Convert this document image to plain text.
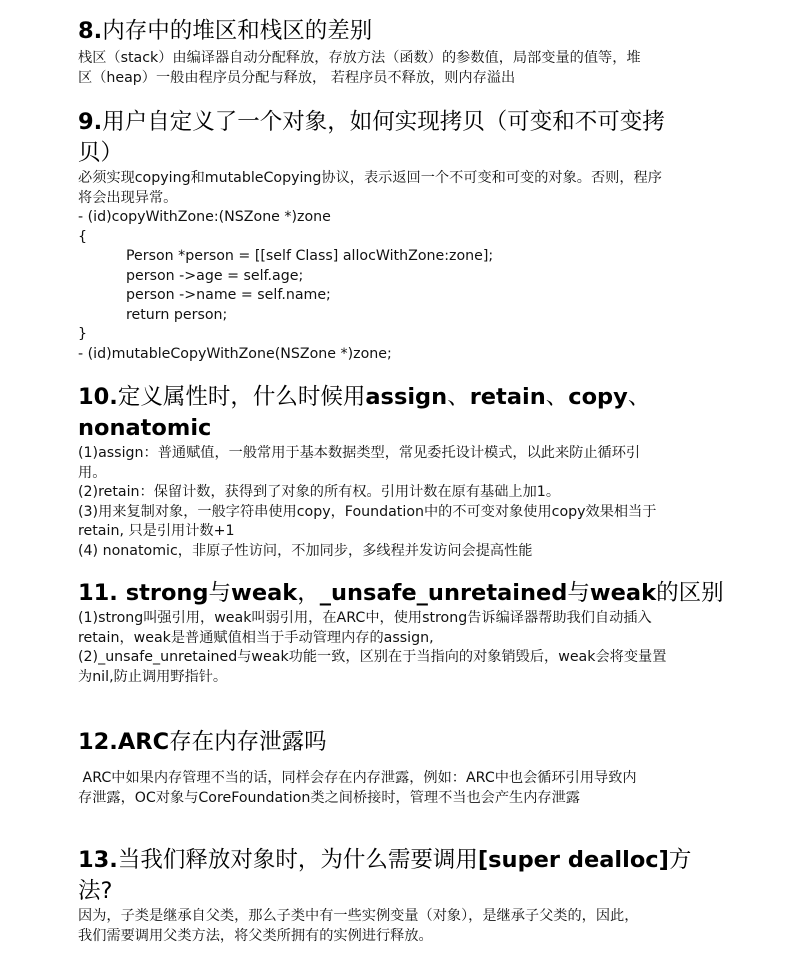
8.内存中的堆区和栈区的差别

栈区（stack）由编译器自动分配释放，存放方法（函数）的参数值，局部变量的值等，堆

区（heap）一般由程序员分配与释放， 若程序员不释放，则内存溢出

9.用户自定义了一个对象，如何实现拷贝（可变和不可变拷
贝）

必须实现copying和mutableCopying协议，表示返回一个不可变和可变的对象。否则，程序

将会出现异常。

- (id)copyWithZone:(NSZone *)zone

{

Person *person = [[self Class] allocWithZone:zone];

person ->age = self.age;

person ->name = self.name;

return person;

}

- (id)mutableCopyWithZone(NSZone *)zone;

10.定义属性时，什么时候用assign、retain、copy、
nonatomic

(1)assign：普通赋值，一般常用于基本数据类型，常见委托设计模式，以此来防止循环引

用。

(2)retain：保留计数，获得到了对象的所有权。引用计数在原有基础上加1。

(3)用来复制对象，一般字符串使用copy，Foundation中的不可变对象使用copy效果相当于

retain, 只是引用计数+1

(4) nonatomic，非原子性访问，不加同步，多线程并发访问会提高性能

11. strong与weak，_unsafe_unretained与weak的区别

(1)strong叫强引用，weak叫弱引用，在ARC中，使用strong告诉编译器帮助我们自动插入

retain，weak是普通赋值相当于手动管理内存的assign,

(2)_unsafe_unretained与weak功能一致，区别在于当指向的对象销毁后，weak会将变量置

为nil,防止调用野指针。

12.ARC存在内存泄露吗

ARC中如果内存管理不当的话，同样会存在内存泄露，例如：ARC中也会循环引用导致内

存泄露，OC对象与CoreFoundation类之间桥接时，管理不当也会产生内存泄露

13.当我们释放对象时，为什么需要调用[super dealloc]方
法?

因为，子类是继承自父类，那么子类中有一些实例变量（对象），是继承子父类的，因此，

我们需要调用父类方法，将父类所拥有的实例进行释放。
